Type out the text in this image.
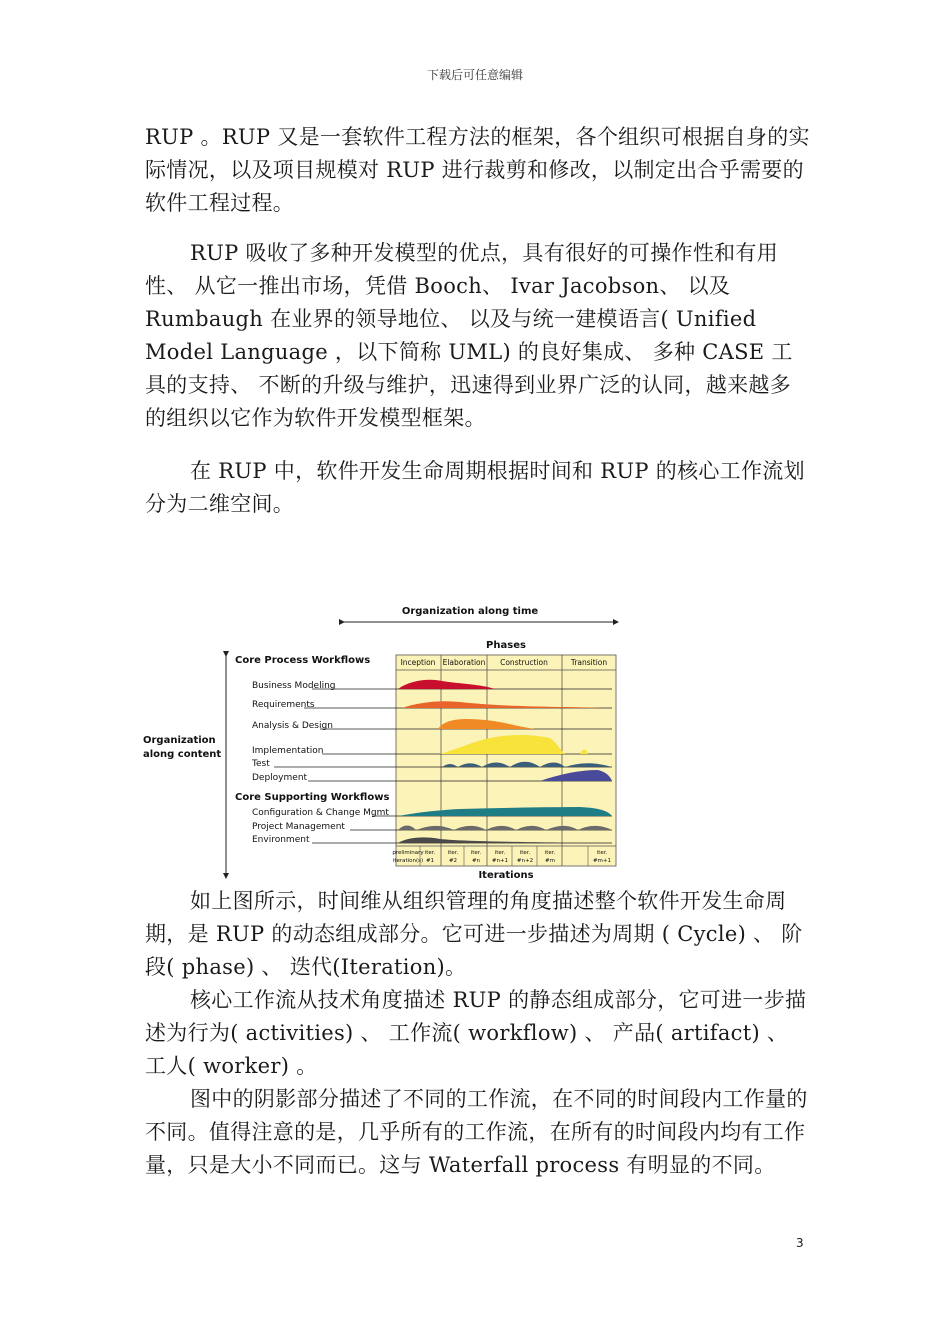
下载后可任意编辑

RUP 。RUP 又是一套软件工程方法的框架，各个组织可根据自身的实际情况，以及项目规模对 RUP 进行裁剪和修改，以制定出合乎需要的软件工程过程。

RUP 吸收了多种开发模型的优点，具有很好的可操作性和有用性、 从它一推出市场，凭借 Booch、 Ivar Jacobson、 以及 Rumbaugh 在业界的领导地位、 以及与统一建模语言( Unified Model Language ，以下简称 UML) 的良好集成、 多种 CASE 工具的支持、 不断的升级与维护，迅速得到业界广泛的认同，越来越多的组织以它作为软件开发模型框架。

在 RUP 中，软件开发生命周期根据时间和 RUP 的核心工作流划分为二维空间。

Organization along time
Organization
along content
Phases
Inception Elaboration Construction	Transition
Core Process Workflows
Core Supporting Workflows
Business Modeling
Requirements
Analysis & Design
Implementation
Test
Deployment
Configuration & Change Mgmt
Project Management
Environment
preliminary
iteration(s)
iter.
#1
iter.
#2
iter.
#n
iter.
#n+1
iter.
#n+2
iter.
#m
iter.
#m+1
Iterations

如上图所示，时间维从组织管理的角度描述整个软件开发生命周期，是 RUP 的动态组成部分。它可进一步描述为周期 ( Cycle) 、 阶段( phase) 、 迭代(Iteration)。

核心工作流从技术角度描述 RUP 的静态组成部分，它可进一步描述为行为( activities) 、 工作流( workflow) 、 产品( artifact) 、 工人( worker) 。

图中的阴影部分描述了不同的工作流，在不同的时间段内工作量的不同。值得注意的是，几乎所有的工作流，在所有的时间段内均有工作量，只是大小不同而已。这与 Waterfall process 有明显的不同。

3
